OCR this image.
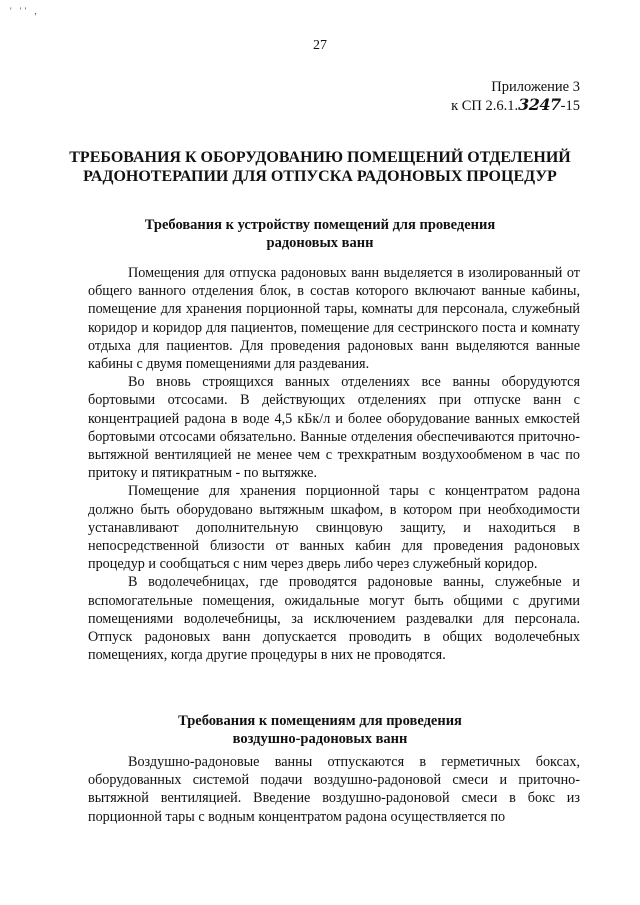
' '' ,
27
Приложение 3
к СП 2.6.1.3247-15
ТРЕБОВАНИЯ К ОБОРУДОВАНИЮ ПОМЕЩЕНИЙ ОТДЕЛЕНИЙ
РАДОНОТЕРАПИИ ДЛЯ ОТПУСКА РАДОНОВЫХ ПРОЦЕДУР
Требования к устройству помещений для проведения
радоновых ванн

Помещения для отпуска радоновых ванн выделяется в изолированный от общего ванного отделения блок, в состав которого включают ванные кабины, помещение для хранения порционной тары, комнаты для персонала, служебный коридор и коридор для пациентов, помещение для сестринского поста и комнату отдыха для пациентов. Для проведения радоновых ванн выделяются ванные кабины с двумя помещениями для раздевания.

Во вновь строящихся ванных отделениях все ванны оборудуются бортовыми отсосами. В действующих отделениях при отпуске ванн с концентрацией радона в воде 4,5 кБк/л и более оборудование ванных емкостей бортовыми отсосами обязательно. Ванные отделения обеспечиваются приточно-вытяжной вентиляцией не менее чем с трехкратным воздухообменом в час по притоку и пятикратным - по вытяжке.

Помещение для хранения порционной тары с концентратом радона должно быть оборудовано вытяжным шкафом, в котором при необходимости устанавливают дополнительную свинцовую защиту, и находиться в непосредственной близости от ванных кабин для проведения радоновых процедур и сообщаться с ним через дверь либо через служебный коридор.

В водолечебницах, где проводятся радоновые ванны, служебные и вспомогательные помещения, ожидальные могут быть общими с другими помещениями водолечебницы, за исключением раздевалки для персонала. Отпуск радоновых ванн допускается проводить в общих водолечебных помещениях, когда другие процедуры в них не проводятся.

Требования к помещениям для проведения
воздушно-радоновых ванн

Воздушно-радоновые ванны отпускаются в герметичных боксах, оборудованных системой подачи воздушно-радоновой смеси и приточно-вытяжной вентиляцией. Введение воздушно-радоновой смеси в бокс из порционной тары с водным концентратом радона осуществляется по
